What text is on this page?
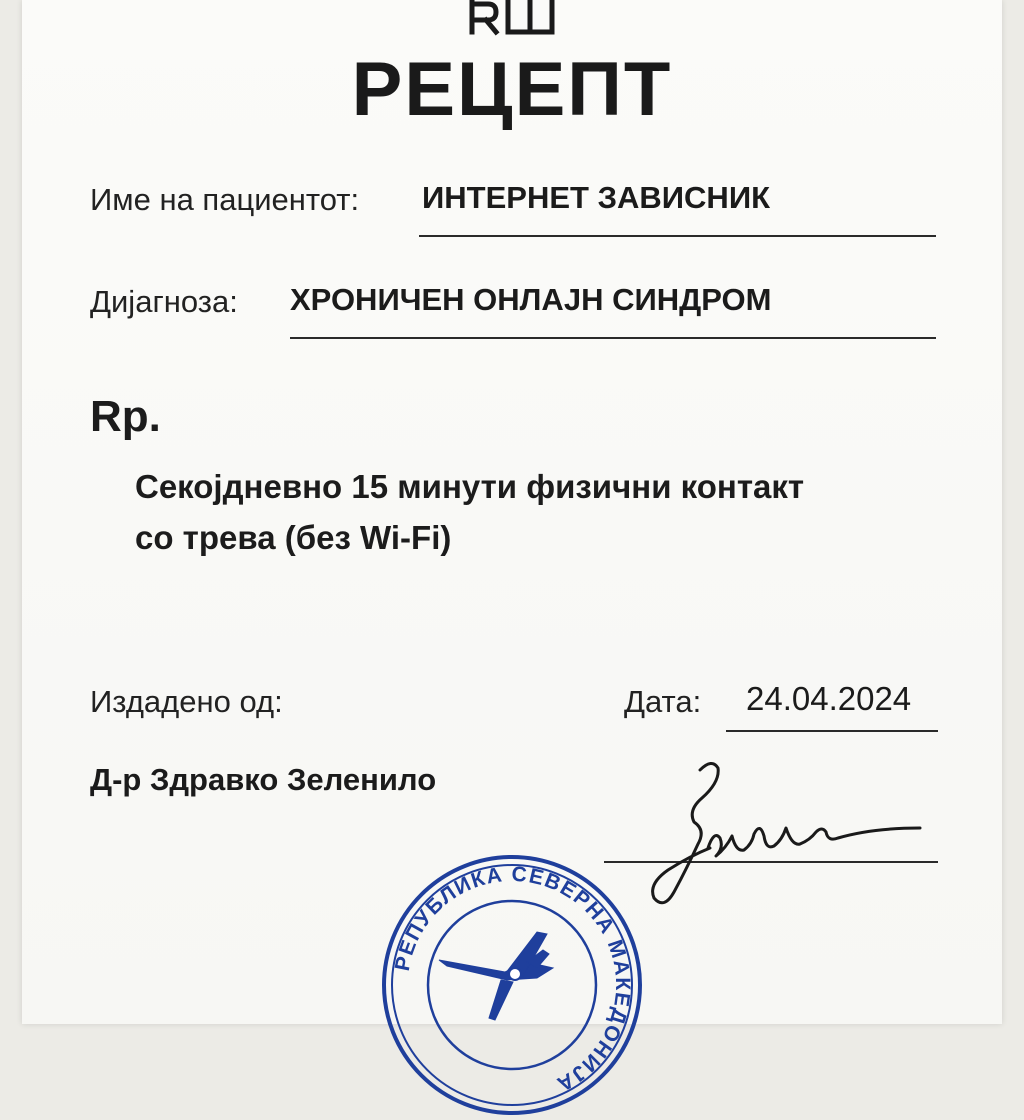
РЕЦЕПТ

Име на пациентот: ИНТЕРНЕТ ЗАВИСНИК

Дијагноза: ХРОНИЧЕН ОНЛАЈН СИНДРОМ

Rp.

Секојдневно 15 минути физични контакт

со трева (без Wi-Fi)

Издадено од:

Д-р Здравко Зеленило

Дата: 24.04.2024

РЕПУБЛИКА СЕВЕРНА МАКЕДОНИЈА
